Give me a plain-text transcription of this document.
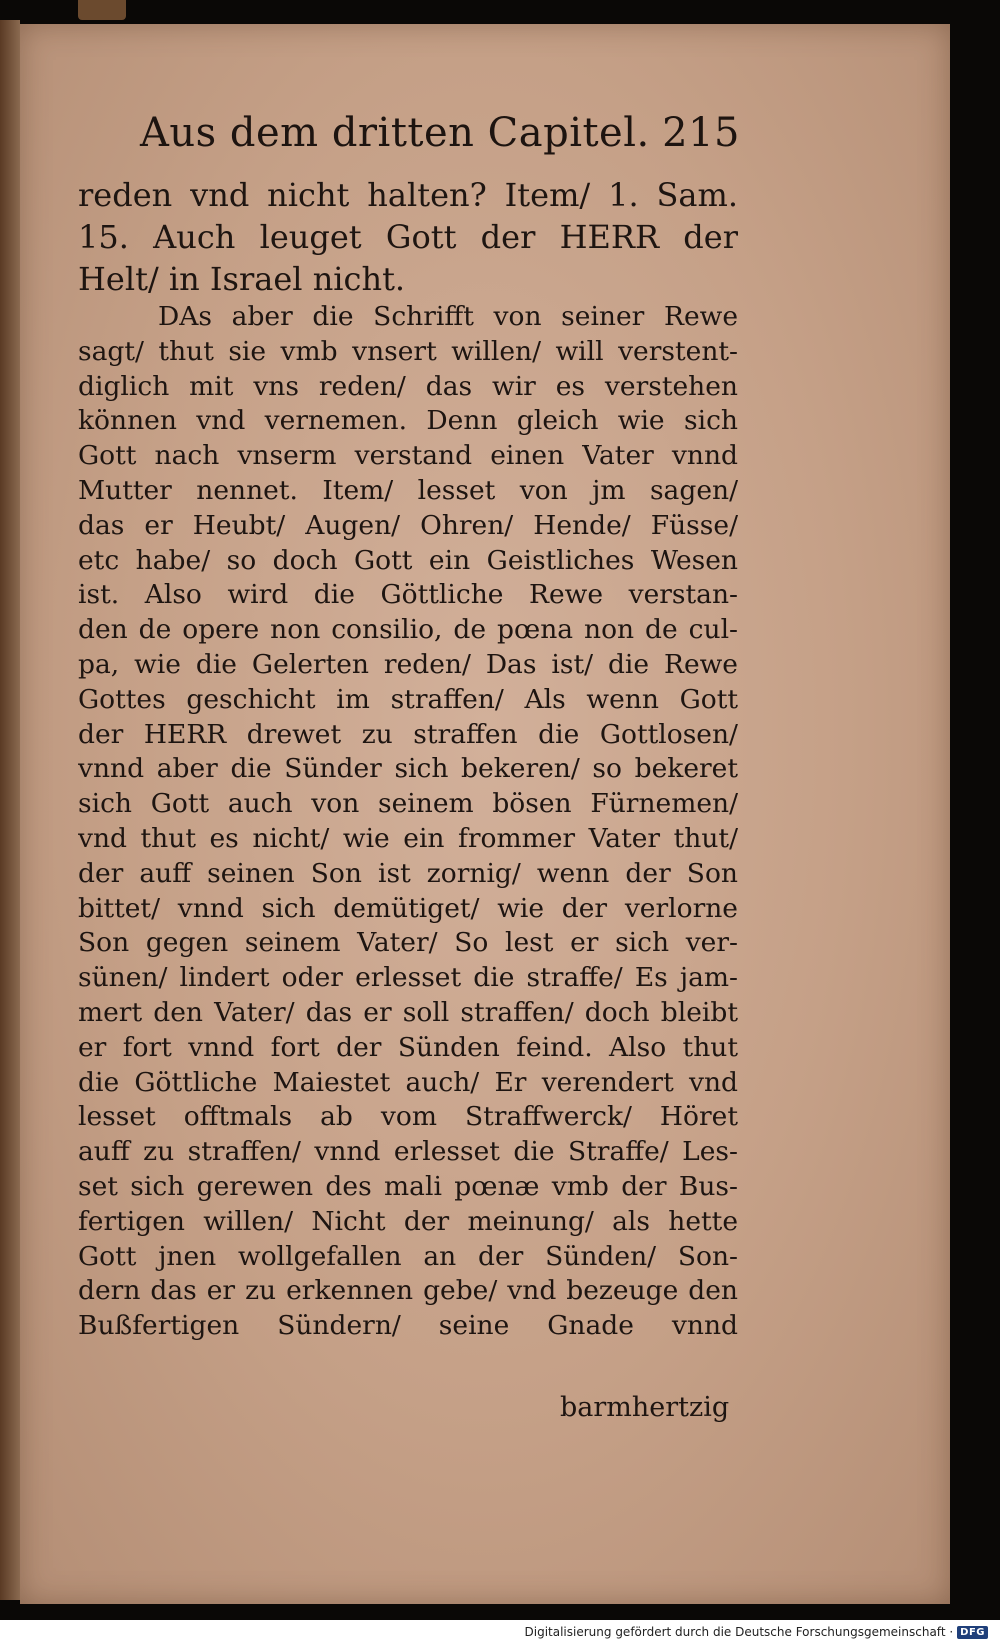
Aus dem dritten Capitel. 215
reden vnd nicht halten? Item/ 1. Sam.
15. Auch leuget Gott der HERR der
Helt/ in Israel nicht.
DAs aber die Schrifft von seiner Rewe
sagt/ thut sie vmb vnsert willen/ will verstent-
diglich mit vns reden/ das wir es verstehen
können vnd vernemen. Denn gleich wie sich
Gott nach vnserm verstand einen Vater vnnd
Mutter nennet. Item/ lesset von jm sagen/
das er Heubt/ Augen/ Ohren/ Hende/ Füsse/
etc habe/ so doch Gott ein Geistliches Wesen
ist. Also wird die Göttliche Rewe verstan-
den de opere non consilio, de pœna non de cul-
pa, wie die Gelerten reden/ Das ist/ die Rewe
Gottes geschicht im straffen/ Als wenn Gott
der HERR drewet zu straffen die Gottlosen/
vnnd aber die Sünder sich bekeren/ so bekeret
sich Gott auch von seinem bösen Fürnemen/
vnd thut es nicht/ wie ein frommer Vater thut/
der auff seinen Son ist zornig/ wenn der Son
bittet/ vnnd sich demütiget/ wie der verlorne
Son gegen seinem Vater/ So lest er sich ver-
sünen/ lindert oder erlesset die straffe/ Es jam-
mert den Vater/ das er soll straffen/ doch bleibt
er fort vnnd fort der Sünden feind. Also thut
die Göttliche Maiestet auch/ Er verendert vnd
lesset offtmals ab vom Straffwerck/ Höret
auff zu straffen/ vnnd erlesset die Straffe/ Les-
set sich gerewen des mali pœnæ vmb der Bus-
fertigen willen/ Nicht der meinung/ als hette
Gott jnen wollgefallen an der Sünden/ Son-
dern das er zu erkennen gebe/ vnd bezeuge den
Bußfertigen Sündern/ seine Gnade vnnd
barmhertzig
Digitalisierung gefördert durch die Deutsche Forschungsgemeinschaft · DFG
